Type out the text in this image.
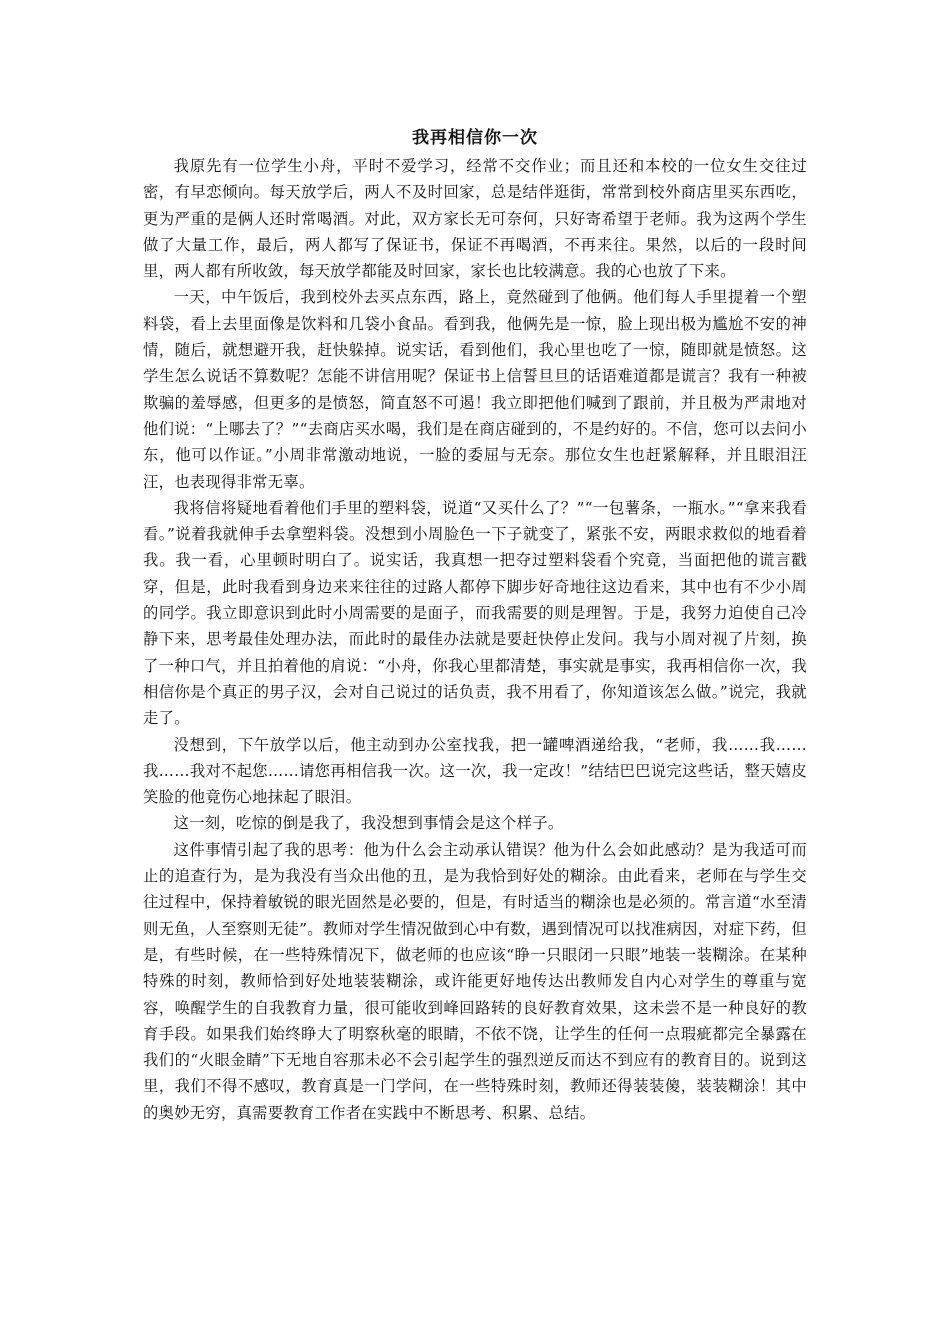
我再相信你一次

我原先有一位学生小舟，平时不爱学习，经常不交作业；而且还和本校的一位女生交往过密，有早恋倾向。每天放学后，两人不及时回家，总是结伴逛街，常常到校外商店里买东西吃，更为严重的是俩人还时常喝酒。对此，双方家长无可奈何，只好寄希望于老师。我为这两个学生做了大量工作，最后，两人都写了保证书，保证不再喝酒，不再来往。果然，以后的一段时间里，两人都有所收敛，每天放学都能及时回家，家长也比较满意。我的心也放了下来。

一天，中午饭后，我到校外去买点东西，路上，竟然碰到了他俩。他们每人手里提着一个塑料袋，看上去里面像是饮料和几袋小食品。看到我，他俩先是一惊，脸上现出极为尴尬不安的神情，随后，就想避开我，赶快躲掉。说实话，看到他们，我心里也吃了一惊，随即就是愤怒。这学生怎么说话不算数呢？怎能不讲信用呢？保证书上信誓旦旦的话语难道都是谎言？我有一种被欺骗的羞辱感，但更多的是愤怒，简直怒不可遏！我立即把他们喊到了跟前，并且极为严肃地对他们说：“上哪去了？”“去商店买水喝，我们是在商店碰到的，不是约好的。不信，您可以去问小东，他可以作证。”小周非常激动地说，一脸的委屈与无奈。那位女生也赶紧解释，并且眼泪汪汪，也表现得非常无辜。

我将信将疑地看着他们手里的塑料袋，说道“又买什么了？”“一包薯条，一瓶水。”“拿来我看看。”说着我就伸手去拿塑料袋。没想到小周脸色一下子就变了，紧张不安，两眼求救似的地看着我。我一看，心里顿时明白了。说实话，我真想一把夺过塑料袋看个究竟，当面把他的谎言戳穿，但是，此时我看到身边来来往往的过路人都停下脚步好奇地往这边看来，其中也有不少小周的同学。我立即意识到此时小周需要的是面子，而我需要的则是理智。于是，我努力迫使自己冷静下来，思考最佳处理办法，而此时的最佳办法就是要赶快停止发问。我与小周对视了片刻，换了一种口气，并且拍着他的肩说：“小舟，你我心里都清楚，事实就是事实，我再相信你一次，我相信你是个真正的男子汉，会对自己说过的话负责，我不用看了，你知道该怎么做。”说完，我就走了。

没想到，下午放学以后，他主动到办公室找我，把一罐啤酒递给我，“老师，我……我……我……我对不起您……请您再相信我一次。这一次，我一定改！”结结巴巴说完这些话，整天嬉皮笑脸的他竟伤心地抹起了眼泪。

这一刻，吃惊的倒是我了，我没想到事情会是这个样子。

这件事情引起了我的思考：他为什么会主动承认错误？他为什么会如此感动？是为我适可而止的追查行为，是为我没有当众出他的丑，是为我恰到好处的糊涂。由此看来，老师在与学生交往过程中，保持着敏锐的眼光固然是必要的，但是，有时适当的糊涂也是必须的。常言道“水至清则无鱼，人至察则无徒”。教师对学生情况做到心中有数，遇到情况可以找准病因，对症下药，但是，有些时候，在一些特殊情况下，做老师的也应该“睁一只眼闭一只眼”地装一装糊涂。在某种特殊的时刻，教师恰到好处地装装糊涂，或许能更好地传达出教师发自内心对学生的尊重与宽容，唤醒学生的自我教育力量，很可能收到峰回路转的良好教育效果，这未尝不是一种良好的教育手段。如果我们始终睁大了明察秋毫的眼睛，不依不饶，让学生的任何一点瑕疵都完全暴露在我们的“火眼金睛”下无地自容那未必不会引起学生的强烈逆反而达不到应有的教育目的。说到这里，我们不得不感叹，教育真是一门学问，在一些特殊时刻，教师还得装装傻，装装糊涂！其中的奥妙无穷，真需要教育工作者在实践中不断思考、积累、总结。
